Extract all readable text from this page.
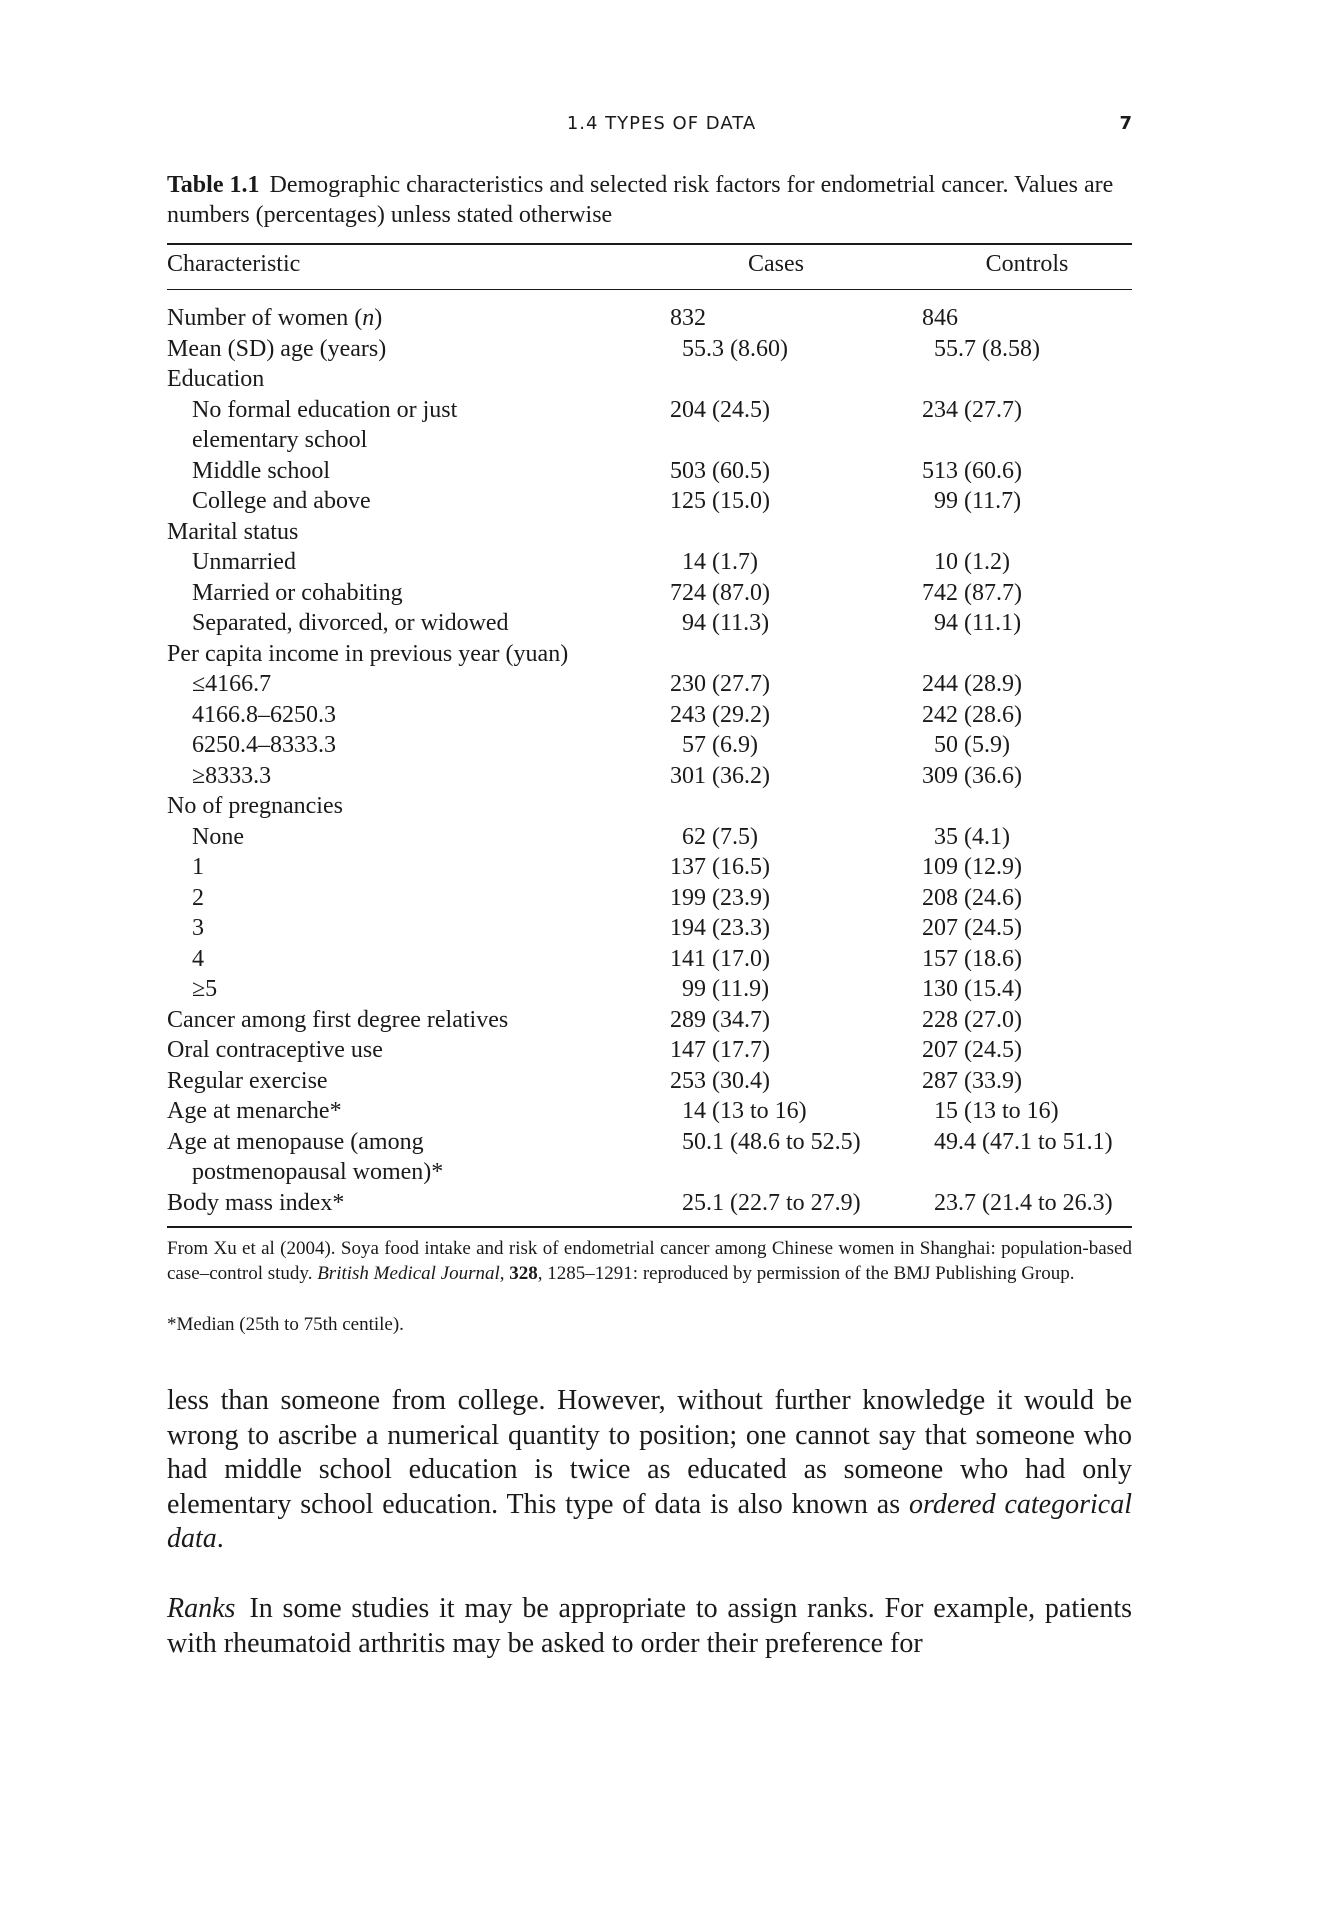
1.4 TYPES OF DATA	7
Table 1.1 Demographic characteristics and selected risk factors for endometrial cancer. Values are numbers (percentages) unless stated otherwise
Characteristic	Cases	Controls
Number of women (n)	832	846
Mean (SD) age (years)	55.3 (8.60)	55.7 (8.58)
Education
No formal education or just
elementary school
204 (24.5)	234 (27.7)
Middle school	503 (60.5)	513 (60.6)
College and above	125 (15.0)	99 (11.7)
Marital status
Unmarried	14 (1.7)	10 (1.2)
Married or cohabiting	724 (87.0)	742 (87.7)
Separated, divorced, or widowed	94 (11.3)	94 (11.1)
Per capita income in previous year (yuan)
≤4166.7	230 (27.7)	244 (28.9)
4166.8–6250.3	243 (29.2)	242 (28.6)
6250.4–8333.3	57 (6.9)	50 (5.9)
≥8333.3	301 (36.2)	309 (36.6)
No of pregnancies
None	62 (7.5)	35 (4.1)
1	137 (16.5)	109 (12.9)
2	199 (23.9)	208 (24.6)
3	194 (23.3)	207 (24.5)
4	141 (17.0)	157 (18.6)
≥5	99 (11.9)	130 (15.4)
Cancer among first degree relatives	289 (34.7)	228 (27.0)
Oral contraceptive use	147 (17.7)	207 (24.5)
Regular exercise	253 (30.4)	287 (33.9)
Age at menarche*	14 (13 to 16)	15 (13 to 16)
Age at menopause (among
postmenopausal women)*
50.1 (48.6 to 52.5)	49.4 (47.1 to 51.1)
Body mass index*	25.1 (22.7 to 27.9)	23.7 (21.4 to 26.3)
From Xu et al (2004). Soya food intake and risk of endometrial cancer among Chinese women in Shanghai: population-based case–control study. British Medical Journal, 328, 1285–1291: reproduced by permission of the BMJ Publishing Group.
*Median (25th to 75th centile).
less than someone from college. However, without further knowledge it would be wrong to ascribe a numerical quantity to position; one cannot say that someone who had middle school education is twice as educated as someone who had only elementary school education. This type of data is also known as ordered categorical data.
Ranks In some studies it may be appropriate to assign ranks. For example, patients with rheumatoid arthritis may be asked to order their preference for
